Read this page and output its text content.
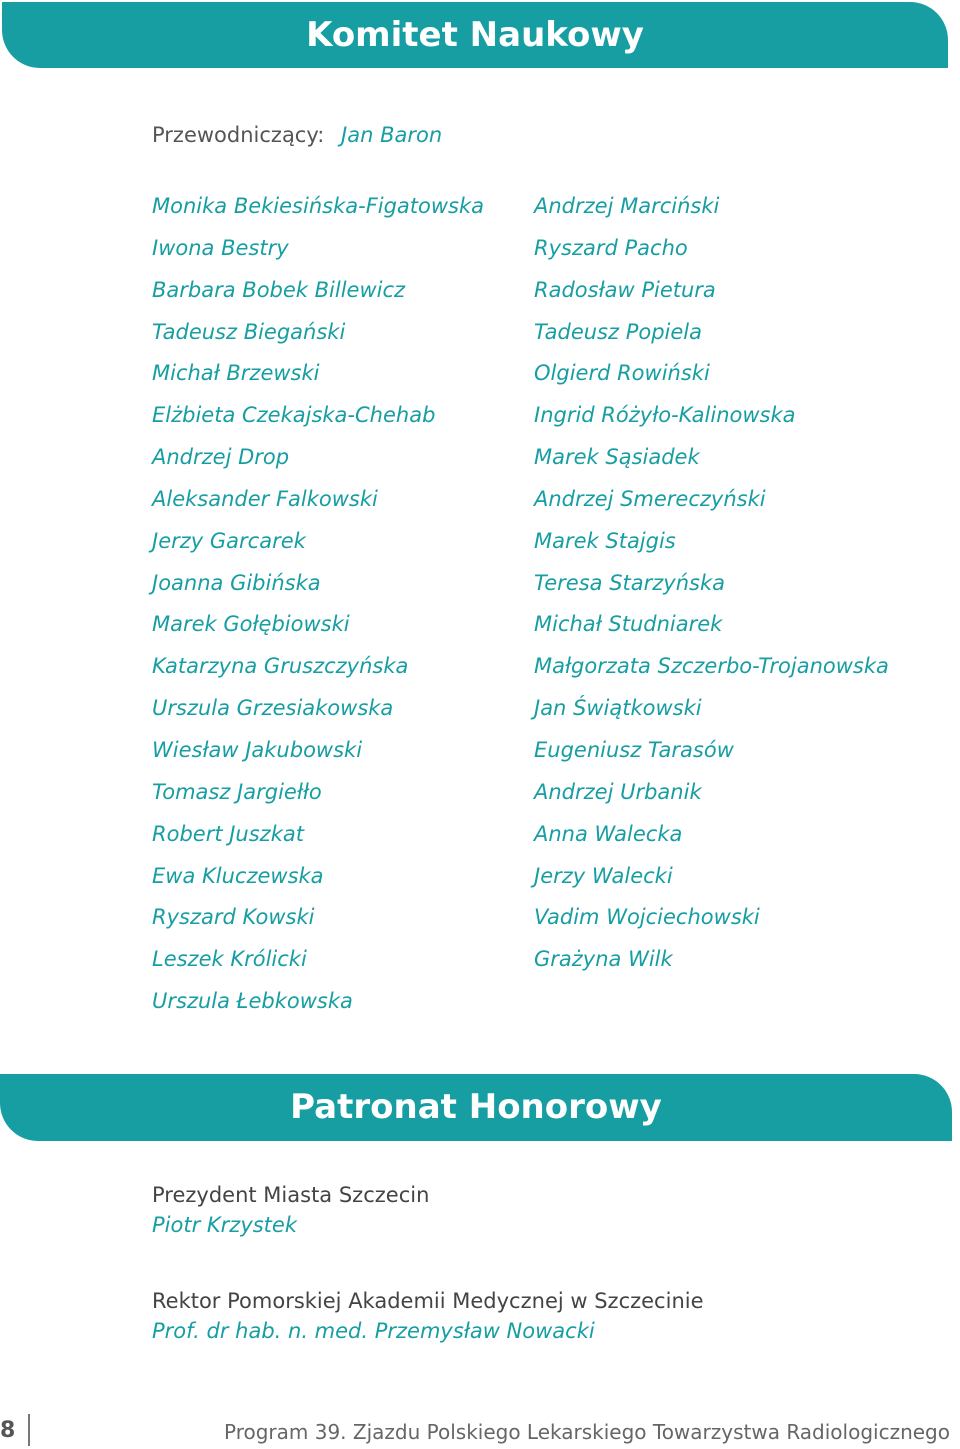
Komitet Naukowy
Przewodniczący: Jan Baron
Monika Bekiesińska-Figatowska
Iwona Bestry
Barbara Bobek Billewicz
Tadeusz Biegański
Michał Brzewski
Elżbieta Czekajska-Chehab
Andrzej Drop
Aleksander Falkowski
Jerzy Garcarek
Joanna Gibińska
Marek Gołębiowski
Katarzyna Gruszczyńska
Urszula Grzesiakowska
Wiesław Jakubowski
Tomasz Jargiełło
Robert Juszkat
Ewa Kluczewska
Ryszard Kowski
Leszek Królicki
Urszula Łebkowska
Andrzej Marciński
Ryszard Pacho
Radosław Pietura
Tadeusz Popiela
Olgierd Rowiński
Ingrid Różyło-Kalinowska
Marek Sąsiadek
Andrzej Smereczyński
Marek Stajgis
Teresa Starzyńska
Michał Studniarek
Małgorzata Szczerbo-Trojanowska
Jan Świątkowski
Eugeniusz Tarasów
Andrzej Urbanik
Anna Walecka
Jerzy Walecki
Vadim Wojciechowski
Grażyna Wilk
Patronat Honorowy
Prezydent Miasta Szczecin
Piotr Krzystek
Rektor Pomorskiej Akademii Medycznej w Szczecinie
Prof. dr hab. n. med. Przemysław Nowacki
8	Program 39. Zjazdu Polskiego Lekarskiego Towarzystwa Radiologicznego
